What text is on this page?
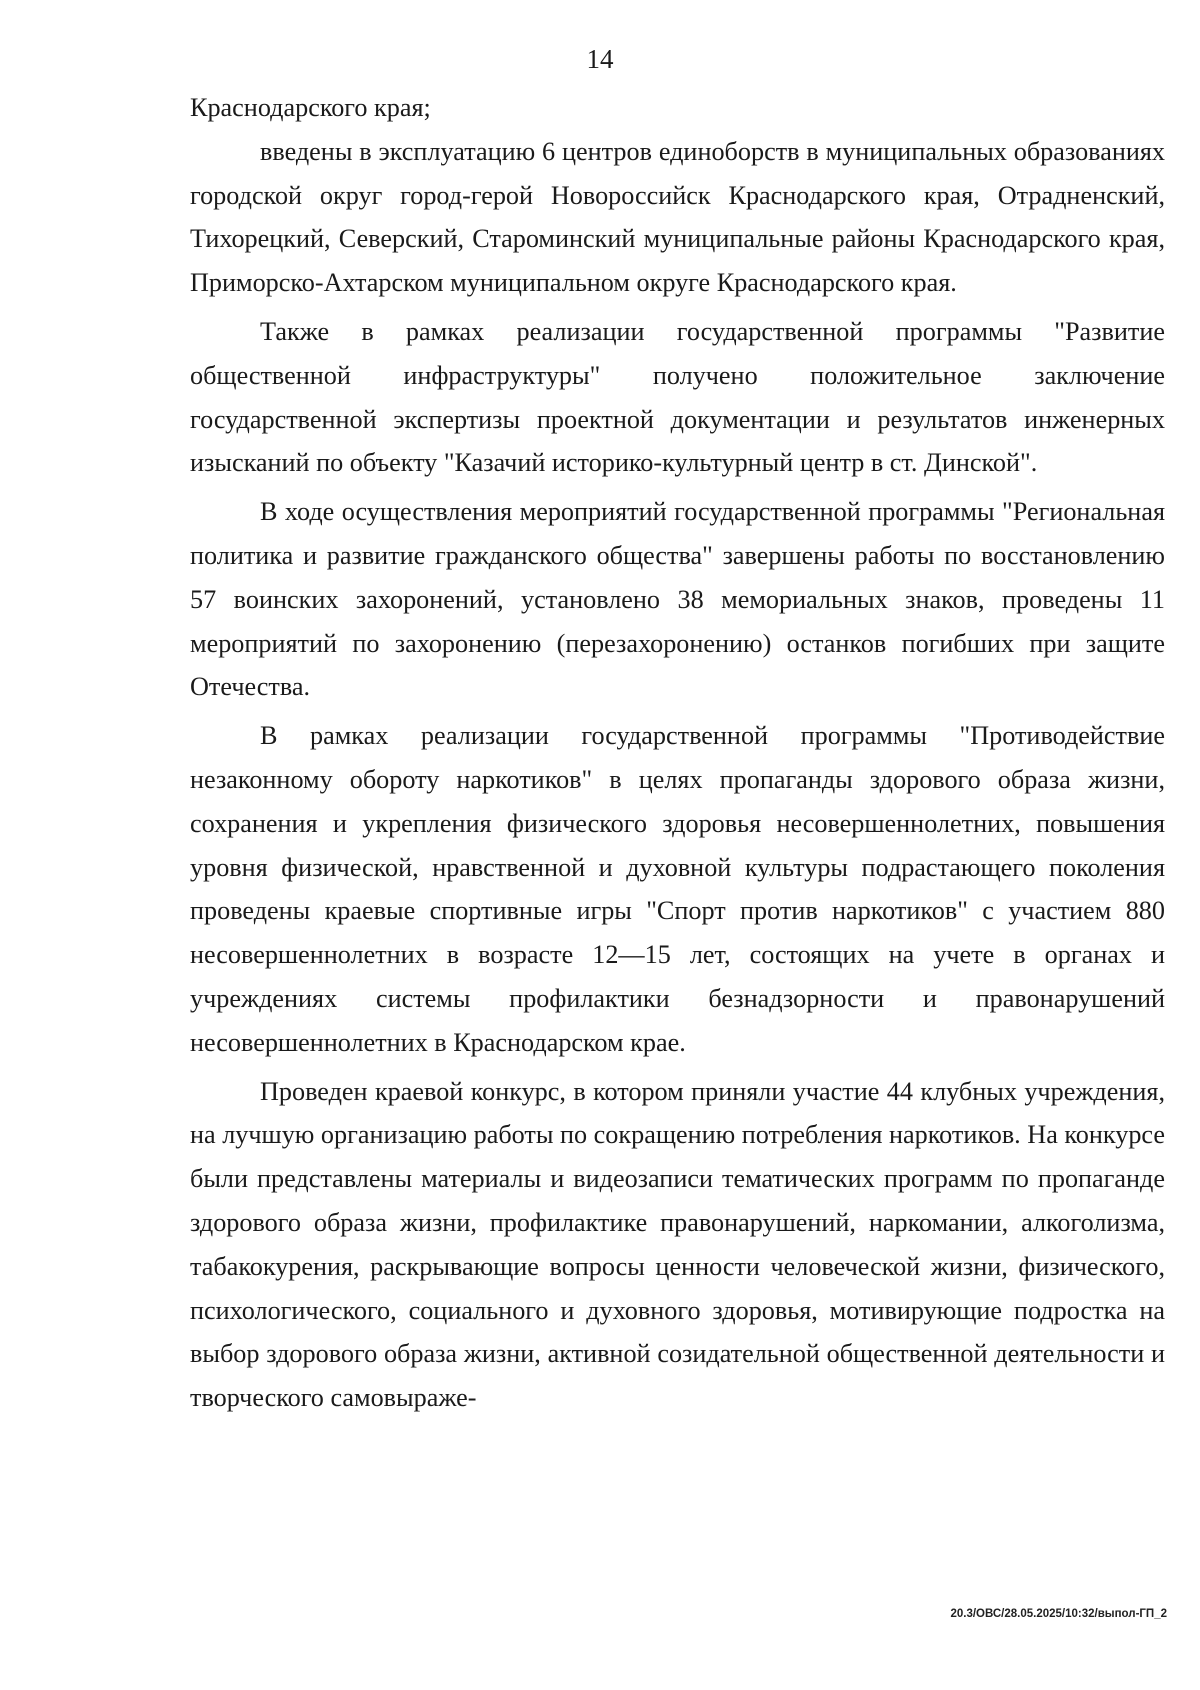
14

Краснодарского края;

введены в эксплуатацию 6 центров единоборств в муниципальных образованиях городской округ город-герой Новороссийск Краснодарского края, Отрадненский, Тихорецкий, Северский, Староминский муниципальные районы Краснодарского края, Приморско-Ахтарском муниципальном округе Краснодарского края.

Также в рамках реализации государственной программы "Развитие общественной инфраструктуры" получено положительное заключение государственной экспертизы проектной документации и результатов инженерных изысканий по объекту "Казачий историко-культурный центр в ст. Динской".

В ходе осуществления мероприятий государственной программы "Региональная политика и развитие гражданского общества" завершены работы по восстановлению 57 воинских захоронений, установлено 38 мемориальных знаков, проведены 11 мероприятий по захоронению (перезахоронению) останков погибших при защите Отечества.

В рамках реализации государственной программы "Противодействие незаконному обороту наркотиков" в целях пропаганды здорового образа жизни, сохранения и укрепления физического здоровья несовершеннолетних, повышения уровня физической, нравственной и духовной культуры подрастающего поколения проведены краевые спортивные игры "Спорт против наркотиков" с участием 880 несовершеннолетних в возрасте 12—15 лет, состоящих на учете в органах и учреждениях системы профилактики безнадзорности и правонарушений несовершеннолетних в Краснодарском крае.

Проведен краевой конкурс, в котором приняли участие 44 клубных учреждения, на лучшую организацию работы по сокращению потребления наркотиков. На конкурсе были представлены материалы и видеозаписи тематических программ по пропаганде здорового образа жизни, профилактике правонарушений, наркомании, алкоголизма, табакокурения, раскрывающие вопросы ценности человеческой жизни, физического, психологического, социального и духовного здоровья, мотивирующие подростка на выбор здорового образа жизни, активной созидательной общественной деятельности и творческого самовыраже-

20.3/ОВС/28.05.2025/10:32/выпол-ГП_2
